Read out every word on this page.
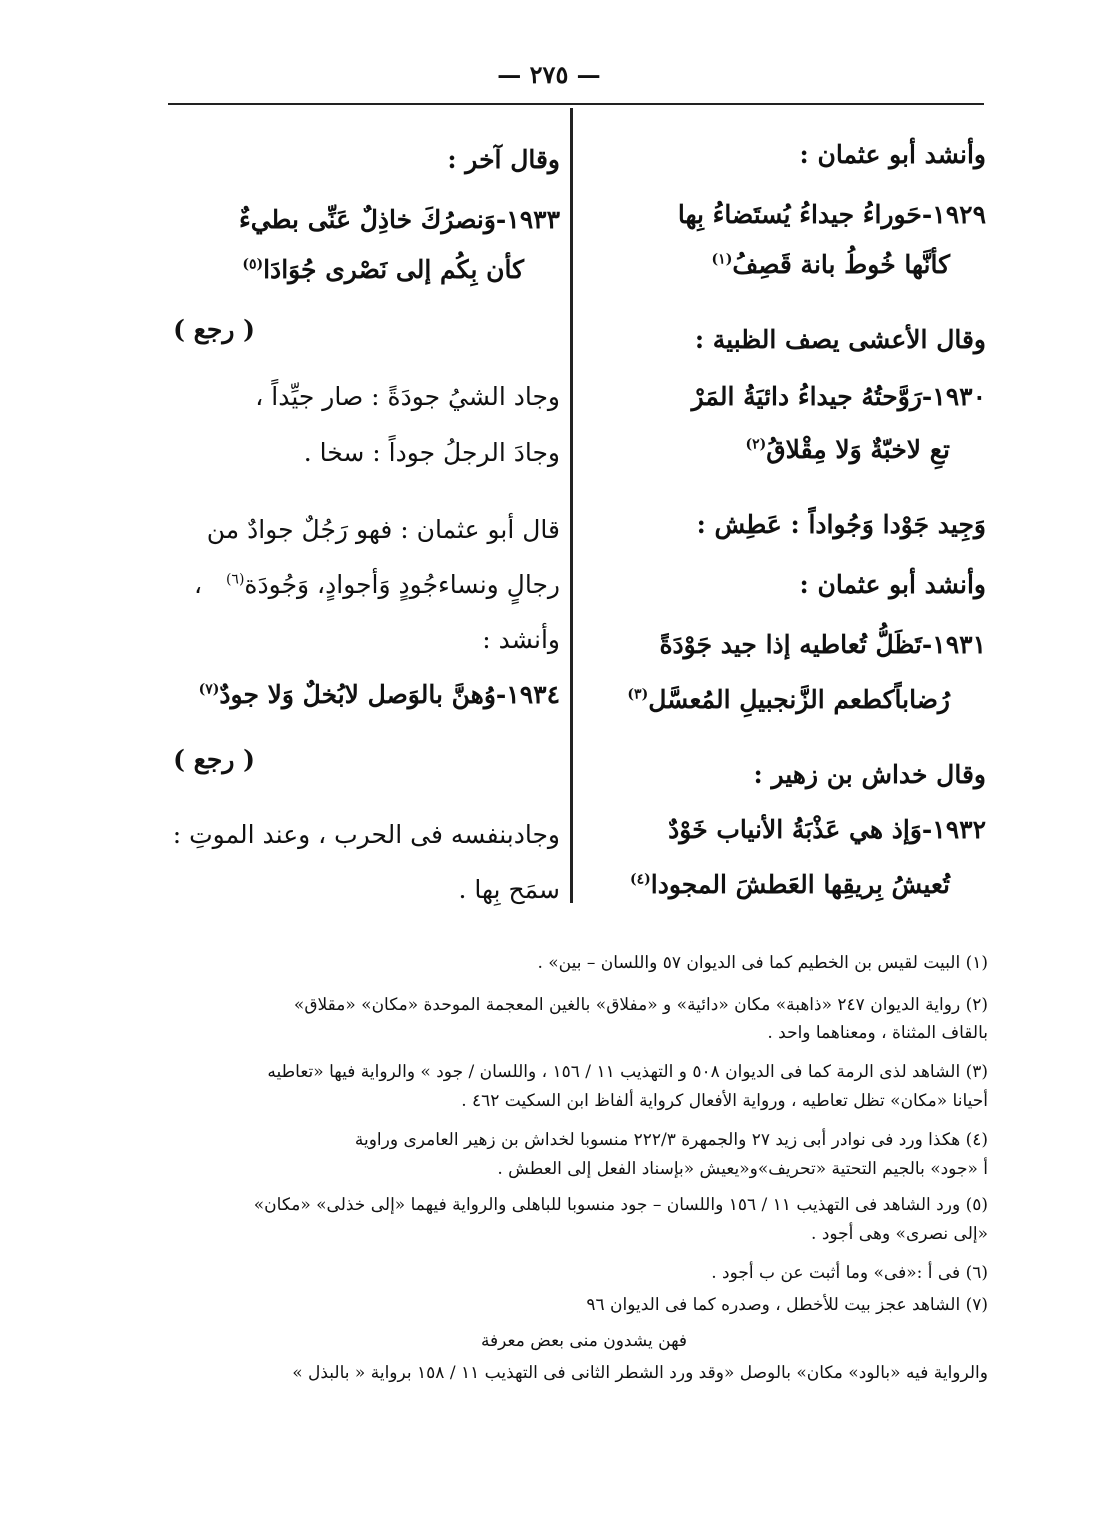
— ٢٧٥ —
وأنشد أبو عثمان :
١٩٢٩-حَوراءُ جيداءُ يُستَضاءُ بِها
كأنَّها خُوطُ بانة قَصِفُ$^{(١)}$
وقال الأعشى يصف الظبية :
١٩٣٠-رَوَّحتُهُ جيداءُ دائيَةُ المَرْ
تعِ لاخبّةٌ وَلا مِقْلاقُ$^{(٢)}$
وَجِيد جَوْدا وَجُواداً : عَطِش :
وأنشد أبو عثمان :
١٩٣١-تَظَلُّ تُعاطيه إذا جيد جَوْدَةً
رُضاباًكطعم الزَّنجبيلِ المُعسَّل$^{(٣)}$
وقال خداش بن زهير :
١٩٣٢-وَإذ هي عَذْبَةُ الأنياب خَوْدٌ
تُعيشُ بِريقِها العَطشَ المجودا$^{(٤)}$
وقال آخر :
١٩٣٣-وَنصرُكَ خاذِلٌ عَنِّى بطيءٌ
كأن بِكُم إلى نَصْرى جُوَادَا$^{(٥)}$
( رجع )
وجاد الشيُ جودَةً : صار جيِّداً ،
وجادَ الرجلُ جوداً : سخا .
قال أبو عثمان : فهو رَجُلٌ جوادٌ من
رجالٍ ونساءجُودٍ وَأجوادٍ، وَجُودَة$^{(٦)}$   ،
وأنشد :
١٩٣٤-وُهنَّ بالوَصل لابُخلٌ وَلا جودٌ$^{(٧)}$
( رجع )
وجادبنفسه فى الحرب ، وعند الموتِ :
سمَح بِها .
(١) البيت لقيس بن الخطيم كما فى الديوان ٥٧ واللسان – بين» .
(٢) رواية الديوان ٢٤٧ «ذاهبة» مكان «دائية» و «مفلاق» بالغين المعجمة الموحدة «مكان» «مقلاق»
بالقاف المثناة ، ومعناهما واحد .
(٣) الشاهد لذى الرمة كما فى الديوان ٥٠٨ و التهذيب ١١ / ١٥٦ ، واللسان / جود » والرواية فيها «تعاطيه
أحيانا «مكان» تظل تعاطيه ، ورواية الأفعال كرواية ألفاظ ابن السكيت ٤٦٢ .
(٤) هكذا ورد فى نوادر أبى زيد ٢٧ والجمهرة ٢٢٢/٣ منسوبا لخداش بن زهير العامرى وراوية
أ «جود» بالجيم التحتية «تحريف»و«يعيش «بإسناد الفعل إلى العطش .
(٥) ورد الشاهد فى التهذيب ١١ / ١٥٦ واللسان – جود منسوبا للباهلى والرواية فيهما «إلى خذلى» «مكان»
«إلى نصرى» وهى أجود .
(٦) فى أ :«فى» وما أثبت عن ب أجود .
(٧) الشاهد عجز بيت للأخطل ، وصدره كما فى الديوان ٩٦
فهن يشدون منى بعض معرفة
والرواية فيه «بالود» مكان» بالوصل «وقد ورد الشطر الثانى فى التهذيب ١١ / ١٥٨ برواية « بالبذل »
